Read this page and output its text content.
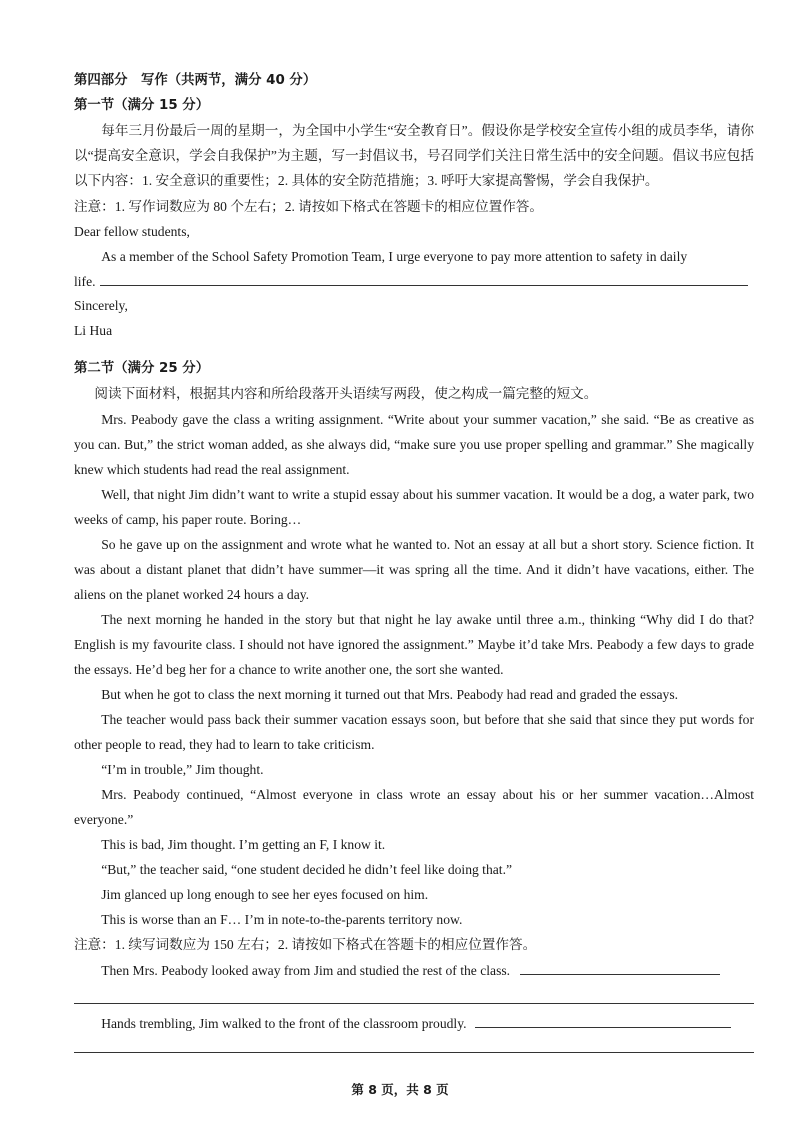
第四部分　写作（共两节，满分 40 分）
第一节（满分 15 分）

每年三月份最后一周的星期一，为全国中小学生“安全教育日”。假设你是学校安全宣传小组的成员李华，请你以“提高安全意识，学会自我保护”为主题，写一封倡议书，号召同学们关注日常生活中的安全问题。倡议书应包括以下内容：1. 安全意识的重要性；2. 具体的安全防范措施；3. 呼吁大家提高警惕，学会自我保护。

注意：1. 写作词数应为 80 个左右；2. 请按如下格式在答题卡的相应位置作答。
Dear fellow students,

As a member of the School Safety Promotion Team, I urge everyone to pay more attention to safety in daily

life.

Sincerely,
Li Hua
第二节（满分 25 分）

阅读下面材料，根据其内容和所给段落开头语续写两段，使之构成一篇完整的短文。

Mrs. Peabody gave the class a writing assignment. “Write about your summer vacation,” she said. “Be as creative as you can. But,” the strict woman added, as she always did, “make sure you use proper spelling and grammar.” She magically knew which students had read the real assignment.

Well, that night Jim didn’t want to write a stupid essay about his summer vacation. It would be a dog, a water park, two weeks of camp, his paper route. Boring…

So he gave up on the assignment and wrote what he wanted to. Not an essay at all but a short story. Science fiction. It was about a distant planet that didn’t have summer—it was spring all the time. And it didn’t have vacations, either. The aliens on the planet worked 24 hours a day.

The next morning he handed in the story but that night he lay awake until three a.m., thinking “Why did I do that? English is my favourite class. I should not have ignored the assignment.” Maybe it’d take Mrs. Peabody a few days to grade the essays. He’d beg her for a chance to write another one, the sort she wanted.

But when he got to class the next morning it turned out that Mrs. Peabody had read and graded the essays.

The teacher would pass back their summer vacation essays soon, but before that she said that since they put words for other people to read, they had to learn to take criticism.

“I’m in trouble,” Jim thought.

Mrs. Peabody continued, “Almost everyone in class wrote an essay about his or her summer vacation…Almost everyone.”

This is bad, Jim thought. I’m getting an F, I know it.

“But,” the teacher said, “one student decided he didn’t feel like doing that.”

Jim glanced up long enough to see her eyes focused on him.

This is worse than an F… I’m in note-to-the-parents territory now.

注意：1. 续写词数应为 150 左右；2. 请按如下格式在答题卡的相应位置作答。

Then Mrs. Peabody looked away from Jim and studied the rest of the class.

Hands trembling, Jim walked to the front of the classroom proudly.

第 8 页，共 8 页
